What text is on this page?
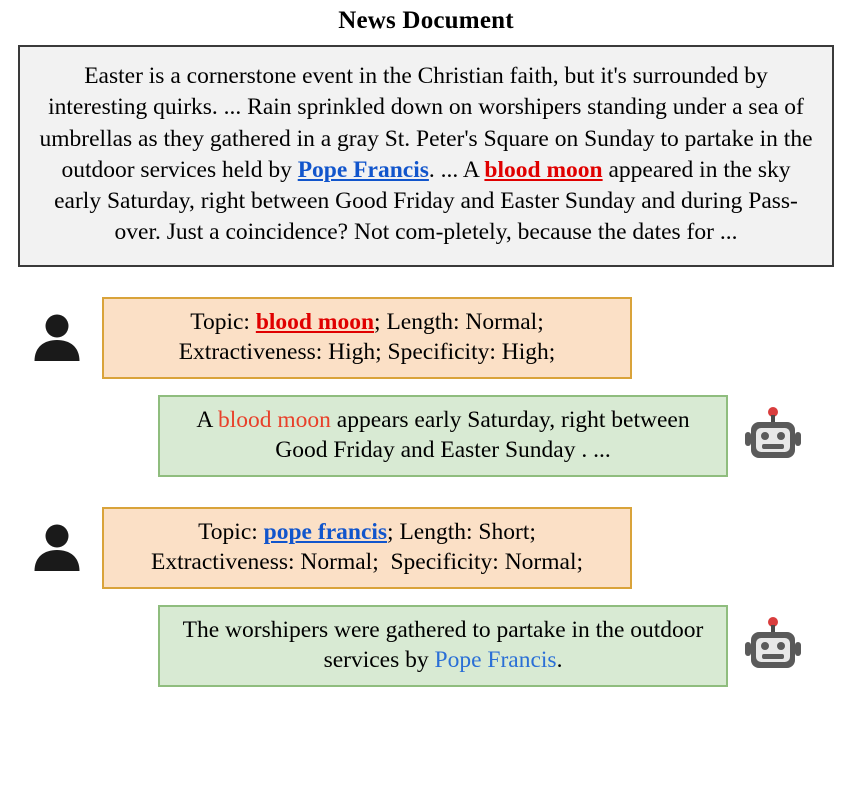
News Document
Easter is a cornerstone event in the Christian faith, but it's surrounded by interesting quirks. ... Rain sprinkled down on worshipers standing under a sea of umbrellas as they gathered in a gray St. Peter's Square on Sunday to partake in the outdoor services held by Pope Francis. ... A blood moon appeared in the sky early Saturday, right between Good Friday and Easter Sunday and during Pass-over. Just a coincidence? Not com-pletely, because the dates for ...
Topic: blood moon; Length: Normal;
Extractiveness: High; Specificity: High;
A blood moon appears early Saturday, right between Good Friday and Easter Sunday . ...
Topic: pope francis; Length: Short;
Extractiveness: Normal; Specificity: Normal;
The worshipers were gathered to partake in the outdoor services by Pope Francis.
